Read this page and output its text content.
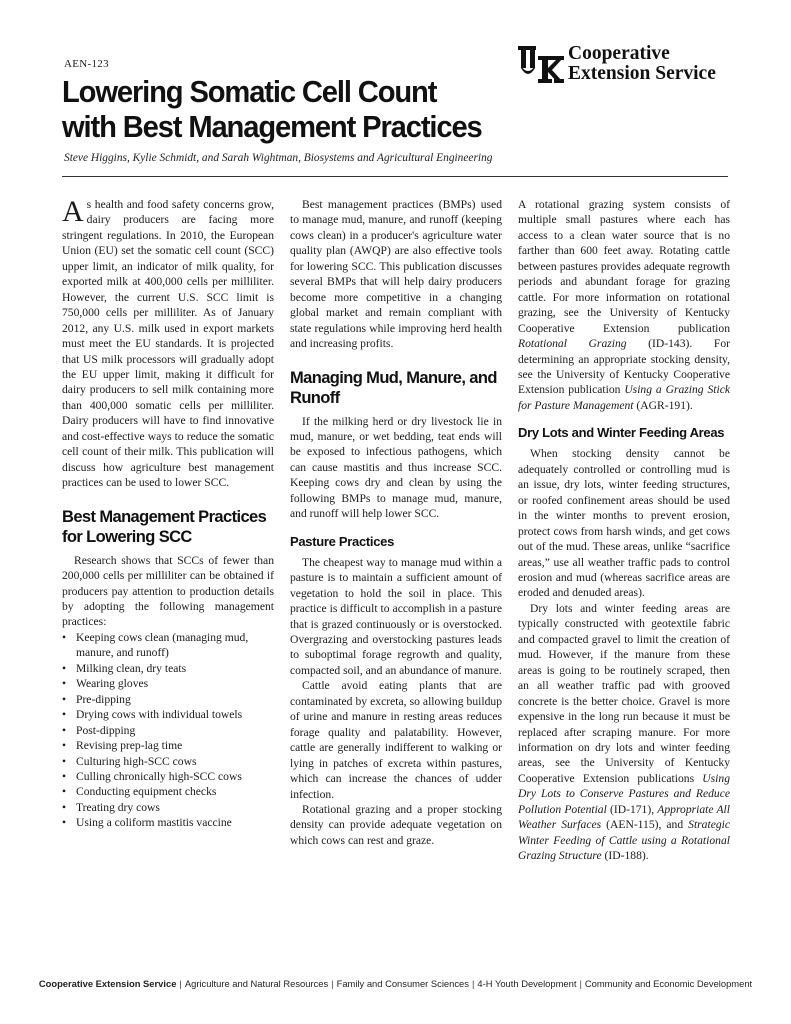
AEN-123	Cooperative
Extension Service
Lowering Somatic Cell Count
with Best Management Practices
Steve Higgins, Kylie Schmidt, and Sarah Wightman, Biosystems and Agricultural Engineering

As health and food safety concerns grow, dairy producers are facing more stringent regulations. In 2010, the European Union (EU) set the somatic cell count (SCC) upper limit, an indicator of milk quality, for exported milk at 400,000 cells per milliliter. However, the current U.S. SCC limit is 750,000 cells per milliliter. As of January 2012, any U.S. milk used in export markets must meet the EU standards. It is projected that US milk processors will gradually adopt the EU upper limit, making it difficult for dairy producers to sell milk containing more than 400,000 somatic cells per milliliter. Dairy producers will have to find innovative and cost-effective ways to reduce the somatic cell count of their milk. This publication will discuss how agriculture best management practices can be used to lower SCC.

Best Management Practices for Lowering SCC

Research shows that SCCs of fewer than 200,000 cells per milliliter can be obtained if producers pay attention to production details by adopting the following management practices:

• Keeping cows clean (managing mud, manure, and runoff)
• Milking clean, dry teats
• Wearing gloves
• Pre-dipping
• Drying cows with individual towels
• Post-dipping
• Revising prep-lag time
• Culturing high-SCC cows
• Culling chronically high-SCC cows
• Conducting equipment checks
• Treating dry cows
• Using a coliform mastitis vaccine

Best management practices (BMPs) used to manage mud, manure, and runoff (keeping cows clean) in a producer's agriculture water quality plan (AWQP) are also effective tools for lowering SCC. This publication discusses several BMPs that will help dairy producers become more competitive in a changing global market and remain compliant with state regulations while improving herd health and increasing profits.

Managing Mud, Manure, and Runoff

If the milking herd or dry livestock lie in mud, manure, or wet bedding, teat ends will be exposed to infectious pathogens, which can cause mastitis and thus increase SCC. Keeping cows dry and clean by using the following BMPs to manage mud, manure, and runoff will help lower SCC.

Pasture Practices

The cheapest way to manage mud within a pasture is to maintain a sufficient amount of vegetation to hold the soil in place. This practice is difficult to accomplish in a pasture that is grazed continuously or is overstocked. Overgrazing and overstocking pastures leads to suboptimal forage regrowth and quality, compacted soil, and an abundance of manure.

Cattle avoid eating plants that are contaminated by excreta, so allowing buildup of urine and manure in resting areas reduces forage quality and palatability. However, cattle are generally indifferent to walking or lying in patches of excreta within pastures, which can increase the chances of udder infection.

Rotational grazing and a proper stocking density can provide adequate vegetation on which cows can rest and graze.

A rotational grazing system consists of multiple small pastures where each has access to a clean water source that is no farther than 600 feet away. Rotating cattle between pastures provides adequate regrowth periods and abundant forage for grazing cattle. For more information on rotational grazing, see the University of Kentucky Cooperative Extension publication Rotational Grazing (ID-143). For determining an appropriate stocking density, see the University of Kentucky Cooperative Extension publication Using a Grazing Stick for Pasture Management (AGR-191).

Dry Lots and Winter Feeding Areas

When stocking density cannot be adequately controlled or controlling mud is an issue, dry lots, winter feeding structures, or roofed confinement areas should be used in the winter months to prevent erosion, protect cows from harsh winds, and get cows out of the mud. These areas, unlike “sacrifice areas,” use all weather traffic pads to control erosion and mud (whereas sacrifice areas are eroded and denuded areas).

Dry lots and winter feeding areas are typically constructed with geotextile fabric and compacted gravel to limit the creation of mud. However, if the manure from these areas is going to be routinely scraped, then an all weather traffic pad with grooved concrete is the better choice. Gravel is more expensive in the long run because it must be replaced after scraping manure. For more information on dry lots and winter feeding areas, see the University of Kentucky Cooperative Extension publications Using Dry Lots to Conserve Pastures and Reduce Pollution Potential (ID-171), Appropriate All Weather Surfaces (AEN-115), and Strategic Winter Feeding of Cattle using a Rotational Grazing Structure (ID-188).

Cooperative Extension Service | Agriculture and Natural Resources | Family and Consumer Sciences | 4-H Youth Development | Community and Economic Development
